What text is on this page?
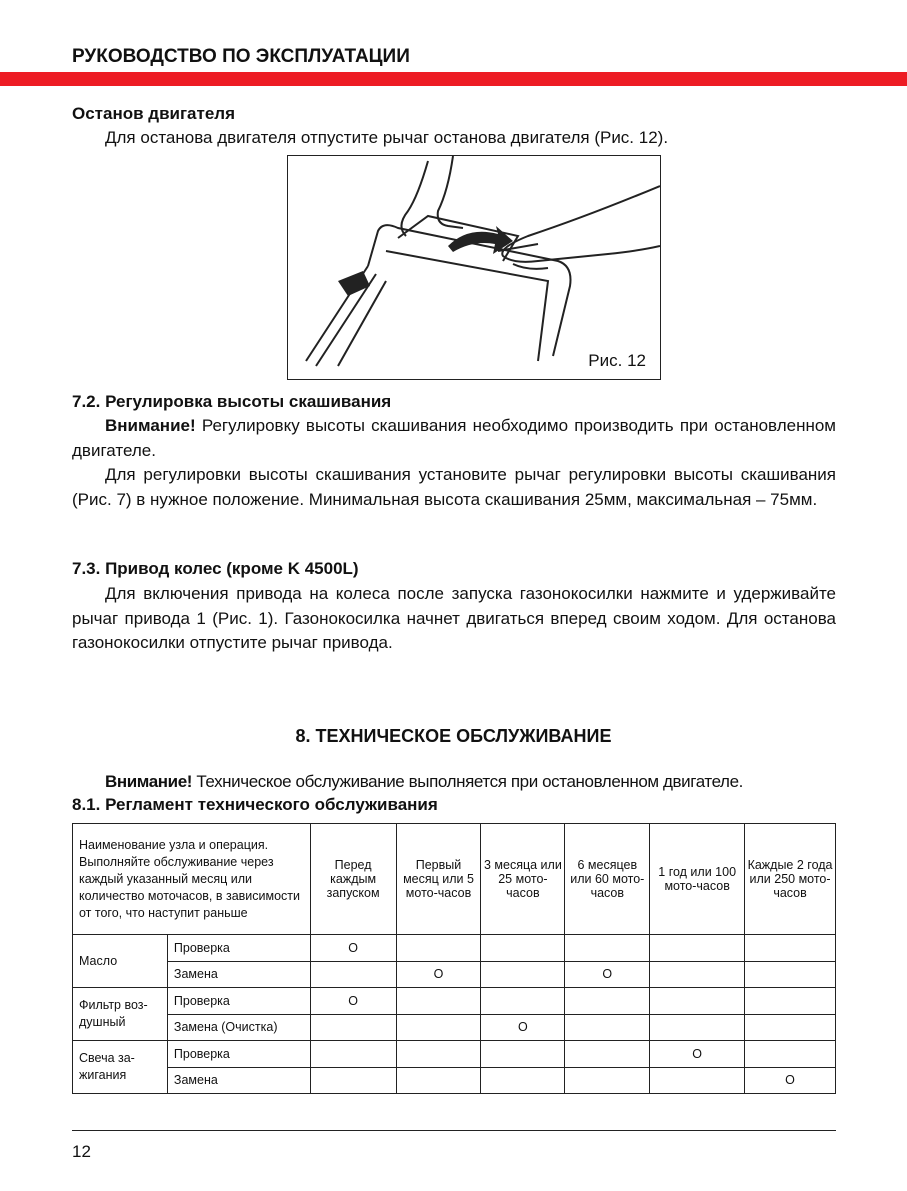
РУКОВОДСТВО ПО ЭКСПЛУАТАЦИИ
Останов двигателя
Для останова двигателя отпустите рычаг останова двигателя (Рис. 12).
Рис. 12
7.2. Регулировка высоты скашивания
Внимание! Регулировку высоты скашивания необходимо производить при остановленном двигателе.
Для регулировки высоты скашивания установите рычаг регулировки высоты скашивания (Рис. 7) в нужное положение. Минимальная высота скашивания 25мм, максимальная – 75мм.
7.3. Привод колес (кроме K 4500L)
Для включения привода на колеса после запуска газонокосилки нажмите и удерживайте рычаг привода 1 (Рис. 1). Газонокосилка начнет двигаться вперед своим ходом. Для останова газонокосилки отпустите рычаг привода.
8. ТЕХНИЧЕСКОЕ ОБСЛУЖИВАНИЕ
Внимание! Техническое обслуживание выполняется при остановленном двигателе.
8.1. Регламент технического обслуживания
Наименование узла и операция. Выполняйте обслуживание через каждый указанный месяц или количество моточасов, в зависимости от того, что наступит раньше		Перед каждым запуском	Первый месяц или 5 мото-часов	3 месяца или 25 мото-часов	6 месяцев или 60 мото-часов	1 год или 100 мото-часов	Каждые 2 года или 250 мото-часов
Масло	Проверка	O					
	Замена		O		O		
Фильтр воз-душный	Проверка	O					
	Замена (Очистка)			O			
Свеча за-жигания	Проверка					O	
	Замена						O
12
